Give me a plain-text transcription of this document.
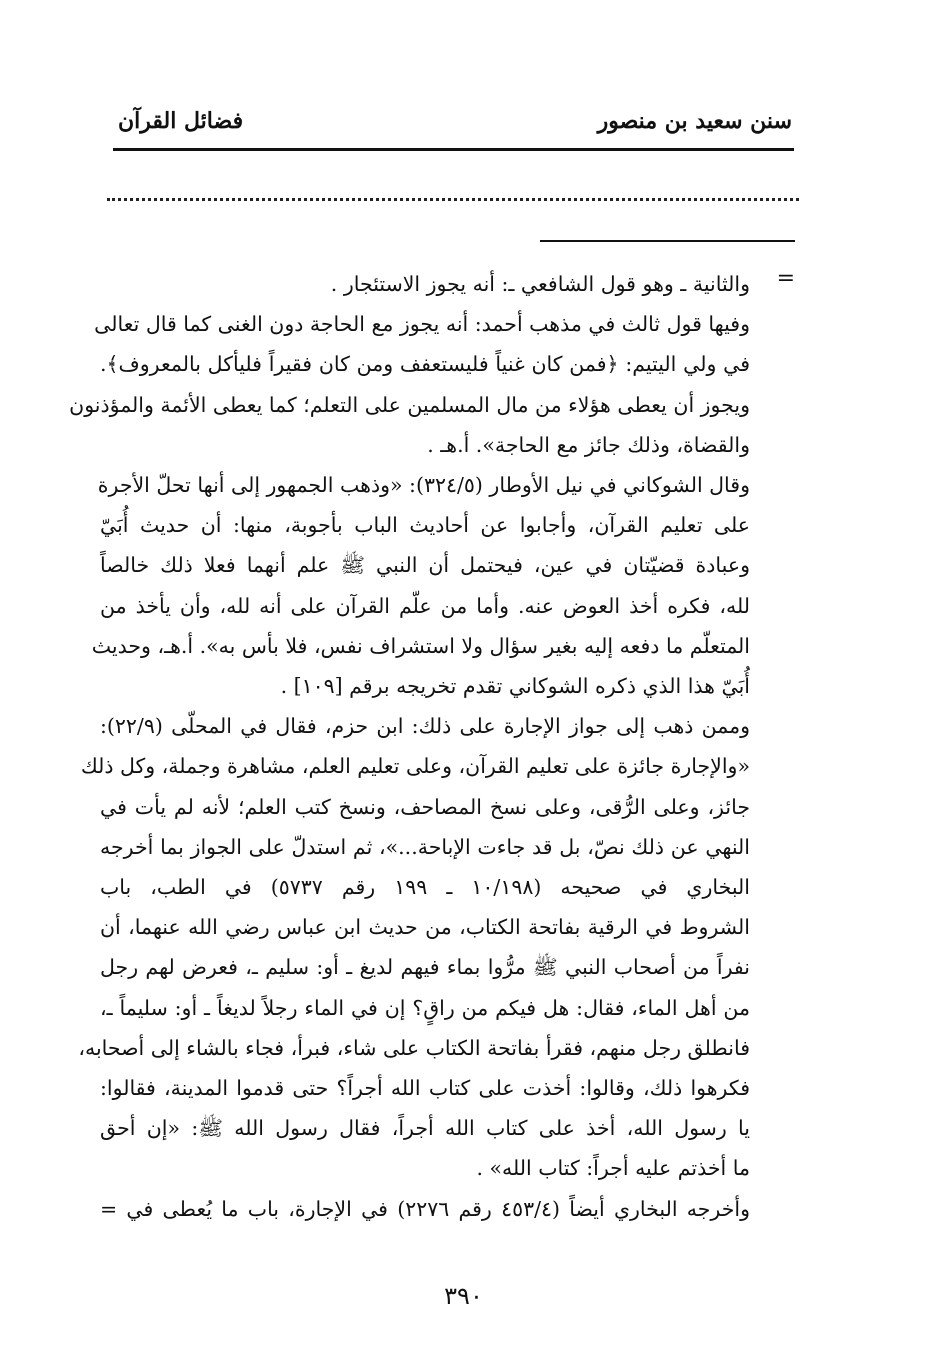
سنن سعيد بن منصور
فضائل القرآن
=
والثانية ـ وهو قول الشافعي ـ: أنه يجوز الاستئجار .
وفيها قول ثالث في مذهب أحمد: أنه يجوز مع الحاجة دون الغنى كما قال تعالى
في ولي اليتيم: ﴿فمن كان غنياً فليستعفف ومن كان فقيراً فليأكل بالمعروف﴾.
ويجوز أن يعطى هؤلاء من مال المسلمين على التعلم؛ كما يعطى الأئمة والمؤذنون
والقضاة، وذلك جائز مع الحاجة». أ.هـ .
وقال الشوكاني في نيل الأوطار (٣٢٤/٥): «وذهب الجمهور إلى أنها تحلّ الأجرة
على تعليم القرآن، وأجابوا عن أحاديث الباب بأجوبة، منها: أن حديث أُبَيّ
وعبادة قضيّتان في عين، فيحتمل أن النبي ﷺ علم أنهما فعلا ذلك خالصاً
لله، فكره أخذ العوض عنه. وأما من علّم القرآن على أنه لله، وأن يأخذ من
المتعلّم ما دفعه إليه بغير سؤال ولا استشراف نفس، فلا بأس به». أ.هـ، وحديث
أُبَيّ هذا الذي ذكره الشوكاني تقدم تخريجه برقم [١٠٩] .
وممن ذهب إلى جواز الإجارة على ذلك: ابن حزم، فقال في المحلّى (٢٢/٩):
«والإجارة جائزة على تعليم القرآن، وعلى تعليم العلم، مشاهرة وجملة، وكل ذلك
جائز، وعلى الرُّقى، وعلى نسخ المصاحف، ونسخ كتب العلم؛ لأنه لم يأت في
النهي عن ذلك نصّ، بل قد جاءت الإباحة...»، ثم استدلّ على الجواز بما أخرجه
البخاري في صحيحه (١٠/١٩٨ ـ ١٩٩ رقم ٥٧٣٧) في الطب، باب
الشروط في الرقية بفاتحة الكتاب، من حديث ابن عباس رضي الله عنهما، أن
نفراً من أصحاب النبي ﷺ مرُّوا بماء فيهم لديغ ـ أو: سليم ـ، فعرض لهم رجل
من أهل الماء، فقال: هل فيكم من راقٍ؟ إن في الماء رجلاً لديغاً ـ أو: سليماً ـ،
فانطلق رجل منهم، فقرأ بفاتحة الكتاب على شاء، فبرأ، فجاء بالشاء إلى أصحابه،
فكرهوا ذلك، وقالوا: أخذت على كتاب الله أجراً؟ حتى قدموا المدينة، فقالوا:
يا رسول الله، أخذ على كتاب الله أجراً، فقال رسول الله ﷺ: «إن أحق
ما أخذتم عليه أجراً: كتاب الله» .
وأخرجه البخاري أيضاً (٤٥٣/٤ رقم ٢٢٧٦) في الإجارة، باب ما يُعطى في =
٣٩٠
